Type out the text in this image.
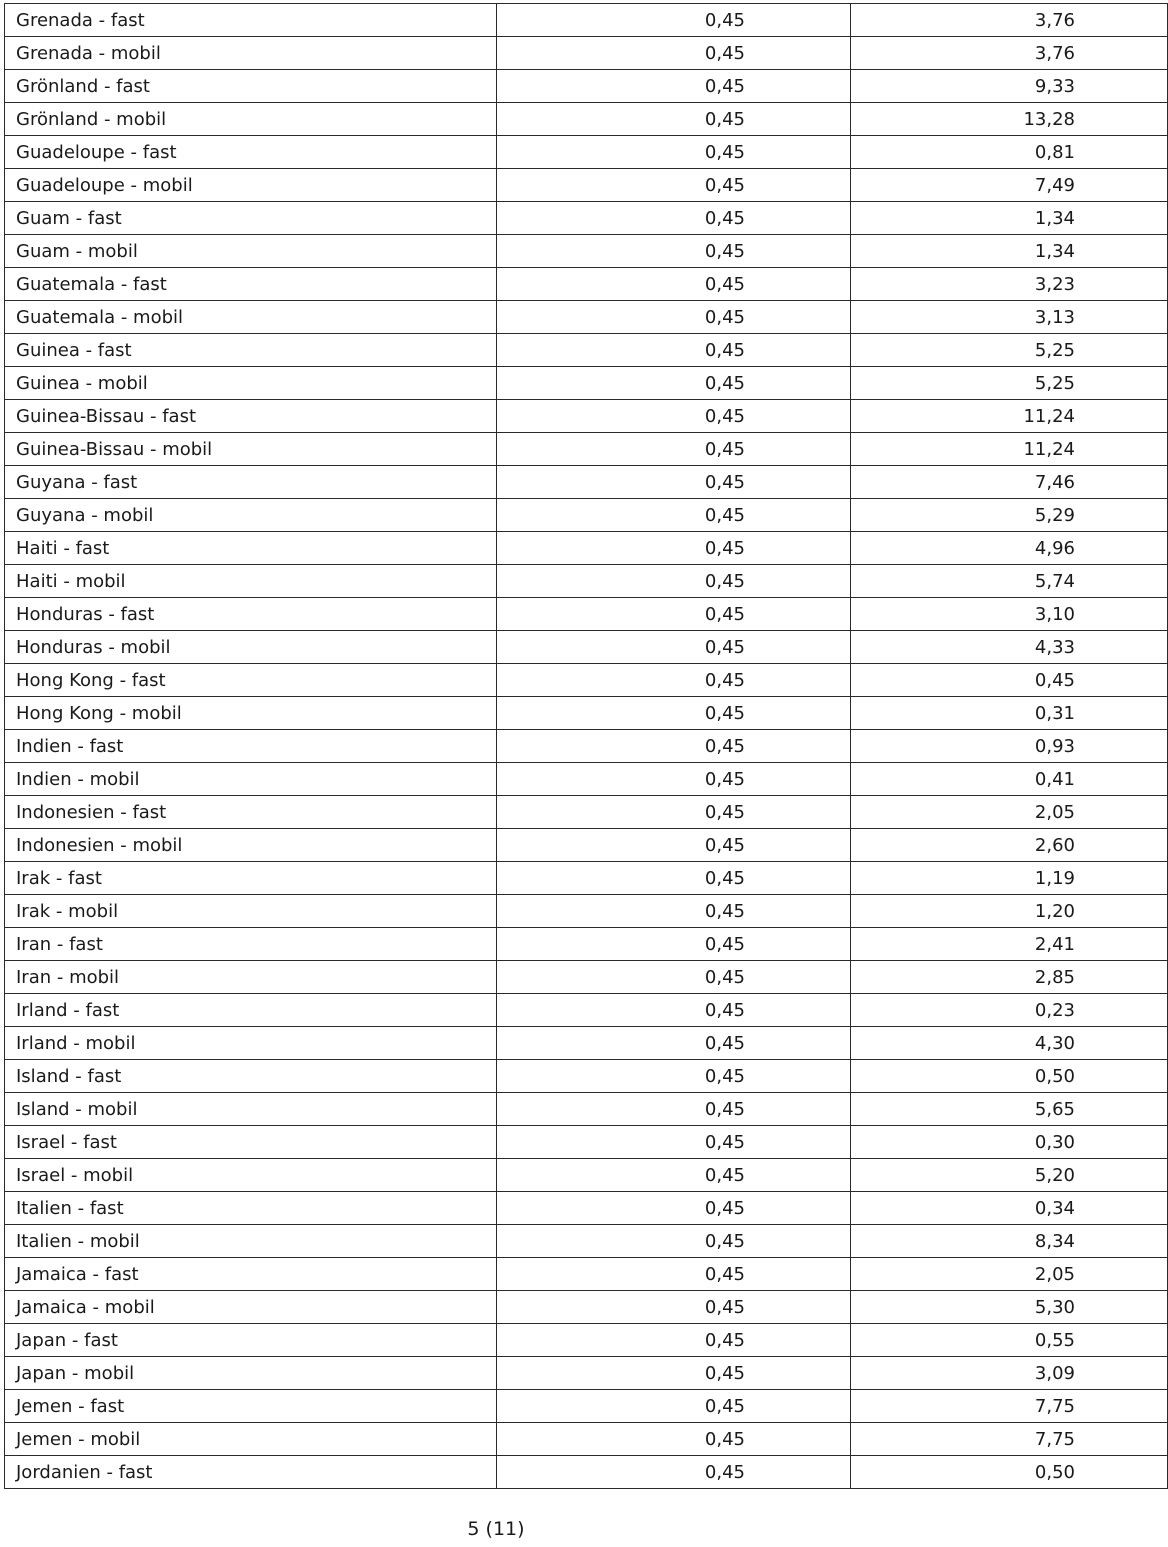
Grenada - fast	0,45	3,76
Grenada - mobil	0,45	3,76
Grönland - fast	0,45	9,33
Grönland - mobil	0,45	13,28
Guadeloupe - fast	0,45	0,81
Guadeloupe - mobil	0,45	7,49
Guam - fast	0,45	1,34
Guam - mobil	0,45	1,34
Guatemala - fast	0,45	3,23
Guatemala - mobil	0,45	3,13
Guinea - fast	0,45	5,25
Guinea - mobil	0,45	5,25
Guinea-Bissau - fast	0,45	11,24
Guinea-Bissau - mobil	0,45	11,24
Guyana - fast	0,45	7,46
Guyana - mobil	0,45	5,29
Haiti - fast	0,45	4,96
Haiti - mobil	0,45	5,74
Honduras - fast	0,45	3,10
Honduras - mobil	0,45	4,33
Hong Kong - fast	0,45	0,45
Hong Kong - mobil	0,45	0,31
Indien - fast	0,45	0,93
Indien - mobil	0,45	0,41
Indonesien - fast	0,45	2,05
Indonesien - mobil	0,45	2,60
Irak - fast	0,45	1,19
Irak - mobil	0,45	1,20
Iran - fast	0,45	2,41
Iran - mobil	0,45	2,85
Irland - fast	0,45	0,23
Irland - mobil	0,45	4,30
Island - fast	0,45	0,50
Island - mobil	0,45	5,65
Israel - fast	0,45	0,30
Israel - mobil	0,45	5,20
Italien - fast	0,45	0,34
Italien - mobil	0,45	8,34
Jamaica - fast	0,45	2,05
Jamaica - mobil	0,45	5,30
Japan - fast	0,45	0,55
Japan - mobil	0,45	3,09
Jemen - fast	0,45	7,75
Jemen - mobil	0,45	7,75
Jordanien - fast	0,45	0,50
5 (11)
